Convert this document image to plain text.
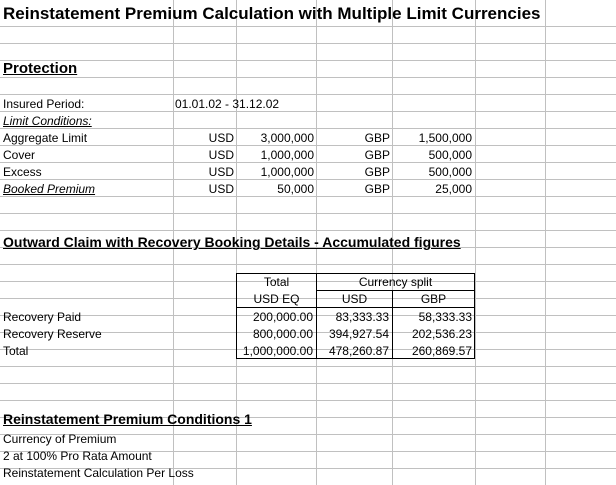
Reinstatement Premium Calculation with Multiple Limit Currencies
Protection
Insured Period:	01.01.02 - 31.12.02
Limit Conditions:
Aggregate Limit	USD	3,000,000	GBP	1,500,000
Cover	USD	1,000,000	GBP	500,000
Excess	USD	1,000,000	GBP	500,000
Booked Premium	USD	50,000	GBP	25,000
Outward Claim with Recovery Booking Details - Accumulated figures
Total
USD EQ
Currency split
USD	GBP
Recovery Paid	200,000.00	83,333.33	58,333.33
Recovery Reserve	800,000.00	394,927.54	202,536.23
Total	1,000,000.00	478,260.87	260,869.57
Reinstatement Premium Conditions 1
Currency of Premium
2 at 100% Pro Rata Amount
Reinstatement Calculation Per Loss
